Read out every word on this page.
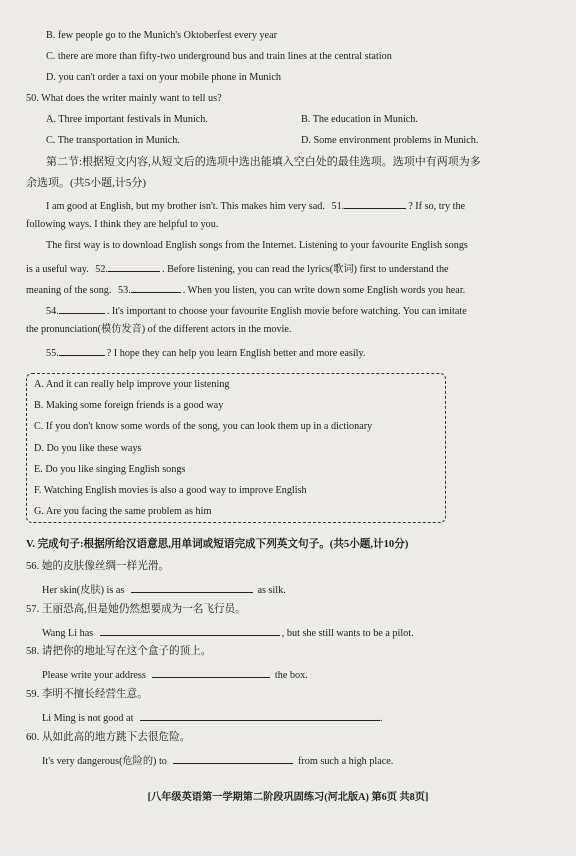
B. few people go to the Munich's Oktoberfest every year
C. there are more than fifty-two underground bus and train lines at the central station
D. you can't order a taxi on your mobile phone in Munich
50. What does the writer mainly want to tell us?
A. Three important festivals in Munich.	B. The education in Munich.
C. The transportation in Munich.	D. Some environment problems in Munich.
第二节:根据短文内容,从短文后的选项中选出能填入空白处的最佳选项。选项中有两项为多
余选项。(共5小题,计5分)
I am good at English, but my brother isn't. This makes him very sad. 51.	? If so, try the
following ways. I think they are helpful to you.
The first way is to download English songs from the Internet. Listening to your favourite English songs
is a useful way. 52.	. Before listening, you can read the lyrics(歌词) first to understand the
meaning of the song. 53.	. When you listen, you can write down some English words you hear.
54.	. It's important to choose your favourite English movie before watching. You can imitate
the pronunciation(模仿发音) of the different actors in the movie.
55.	? I hope they can help you learn English better and more easily.
A. And it can really help improve your listening
B. Making some foreign friends is a good way
C. If you don't know some words of the song, you can look them up in a dictionary
D. Do you like these ways
E. Do you like singing English songs
F. Watching English movies is also a good way to improve English
G. Are you facing the same problem as him
V. 完成句子:根据所给汉语意思,用单词或短语完成下列英文句子。(共5小题,计10分)
56. 她的皮肤像丝绸一样光滑。
Her skin(皮肤) is as	as silk.
57. 王丽恐高,但是她仍然想要成为一名飞行员。
Wang Li has	, but she still wants to be a pilot.
58. 请把你的地址写在这个盒子的顶上。
Please write your address	the box.
59. 李明不擅长经营生意。
Li Ming is not good at	.
60. 从如此高的地方跳下去很危险。
It's very dangerous(危险的) to	from such a high place.
[八年级英语第一学期第二阶段巩固练习(河北版A) 第6页 共8页]
